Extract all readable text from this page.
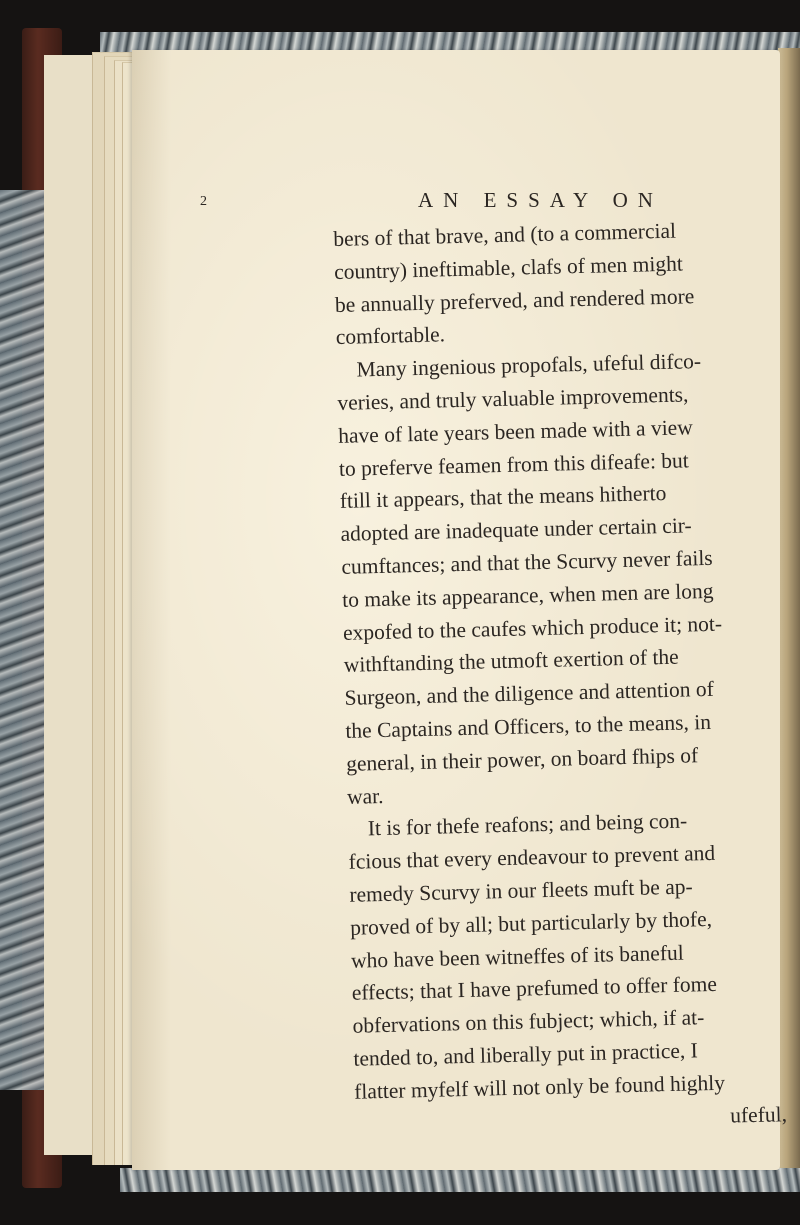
2	AN ESSAY ON
bers of that brave, and (to a commercial
country) ineftimable, clafs of men might
be annually preferved, and rendered more
comfortable.
Many ingenious propofals, ufeful difco-
veries, and truly valuable improvements,
have of late years been made with a view
to preferve feamen from this difeafe: but
ftill it appears, that the means hitherto
adopted are inadequate under certain cir-
cumftances; and that the Scurvy never fails
to make its appearance, when men are long
expofed to the caufes which produce it; not-
withftanding the utmoft exertion of the
Surgeon, and the diligence and attention of
the Captains and Officers, to the means, in
general, in their power, on board fhips of
war.
It is for thefe reafons; and being con-
fcious that every endeavour to prevent and
remedy Scurvy in our fleets muft be ap-
proved of by all; but particularly by thofe,
who have been witneffes of its baneful
effects; that I have prefumed to offer fome
obfervations on this fubject; which, if at-
tended to, and liberally put in practice, I
flatter myfelf will not only be found highly
ufeful,
